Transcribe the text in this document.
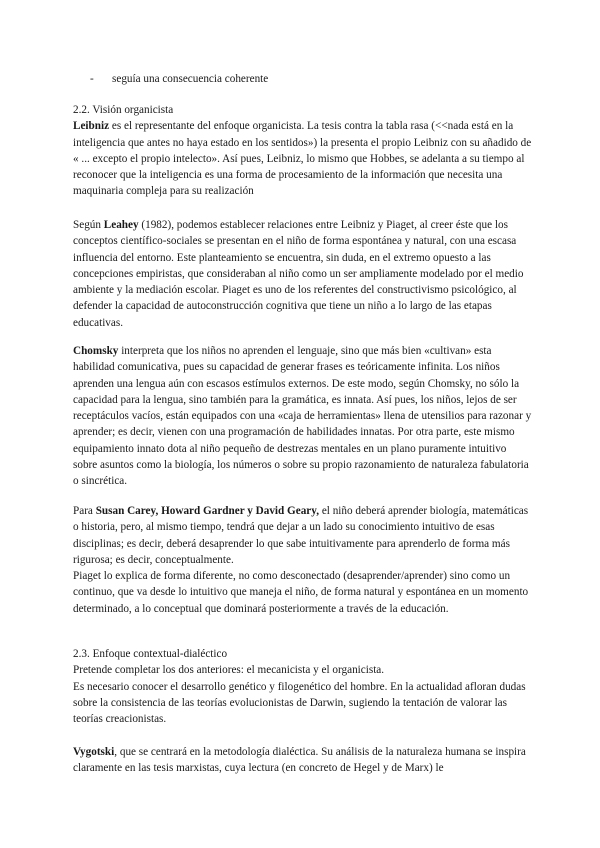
- seguía una consecuencia coherente

2.2. Visión organicista

Leibniz es el representante del enfoque organicista. La tesis contra la tabla rasa (<<nada está en la inteligencia que antes no haya estado en los sentidos») la presenta el propio Leibniz con su añadido de « ... excepto el propio intelecto». Así pues, Leibniz, lo mismo que Hobbes, se adelanta a su tiempo al reconocer que la inteligencia es una forma de procesamiento de la información que necesita una maquinaria compleja para su realización

Según Leahey (1982), podemos establecer relaciones entre Leibniz y Piaget, al creer éste que los conceptos científico-sociales se presentan en el niño de forma espontánea y natural, con una escasa influencia del entorno. Este planteamiento se encuentra, sin duda, en el extremo opuesto a las concepciones empiristas, que consideraban al niño como un ser ampliamente modelado por el medio ambiente y la mediación escolar. Piaget es uno de los referentes del constructivismo psicológico, al defender la capacidad de autoconstrucción cognitiva que tiene un niño a lo largo de las etapas educativas.

Chomsky interpreta que los niños no aprenden el lenguaje, sino que más bien «cultivan» esta habilidad comunicativa, pues su capacidad de generar frases es teóricamente infinita. Los niños aprenden una lengua aún con escasos estímulos externos. De este modo, según Chomsky, no sólo la capacidad para la lengua, sino también para la gramática, es innata. Así pues, los niños, lejos de ser receptáculos vacíos, están equipados con una «caja de herramientas» llena de utensilios para razonar y aprender; es decir, vienen con una programación de habilidades innatas. Por otra parte, este mismo equipamiento innato dota al niño pequeño de destrezas mentales en un plano puramente intuitivo sobre asuntos como la biología, los números o sobre su propio razonamiento de naturaleza fabulatoria o sincrética.

Para Susan Carey, Howard Gardner y David Geary, el niño deberá aprender biología, matemáticas o historia, pero, al mismo tiempo, tendrá que dejar a un lado su conocimiento intuitivo de esas disciplinas; es decir, deberá desaprender lo que sabe intuitivamente para aprenderlo de forma más rigurosa; es decir, conceptualmente.

Piaget lo explica de forma diferente, no como desconectado (desaprender/aprender) sino como un continuo, que va desde lo intuitivo que maneja el niño, de forma natural y espontánea en un momento determinado, a lo conceptual que dominará posteriormente a través de la educación.

2.3. Enfoque contextual-dialéctico

Pretende completar los dos anteriores: el mecanicista y el organicista.

Es necesario conocer el desarrollo genético y filogenético del hombre. En la actualidad afloran dudas sobre la consistencia de las teorías evolucionistas de Darwin, sugiendo la tentación de valorar las teorías creacionistas.

Vygotski, que se centrará en la metodología dialéctica. Su análisis de la naturaleza humana se inspira claramente en las tesis marxistas, cuya lectura (en concreto de Hegel y de Marx) le
